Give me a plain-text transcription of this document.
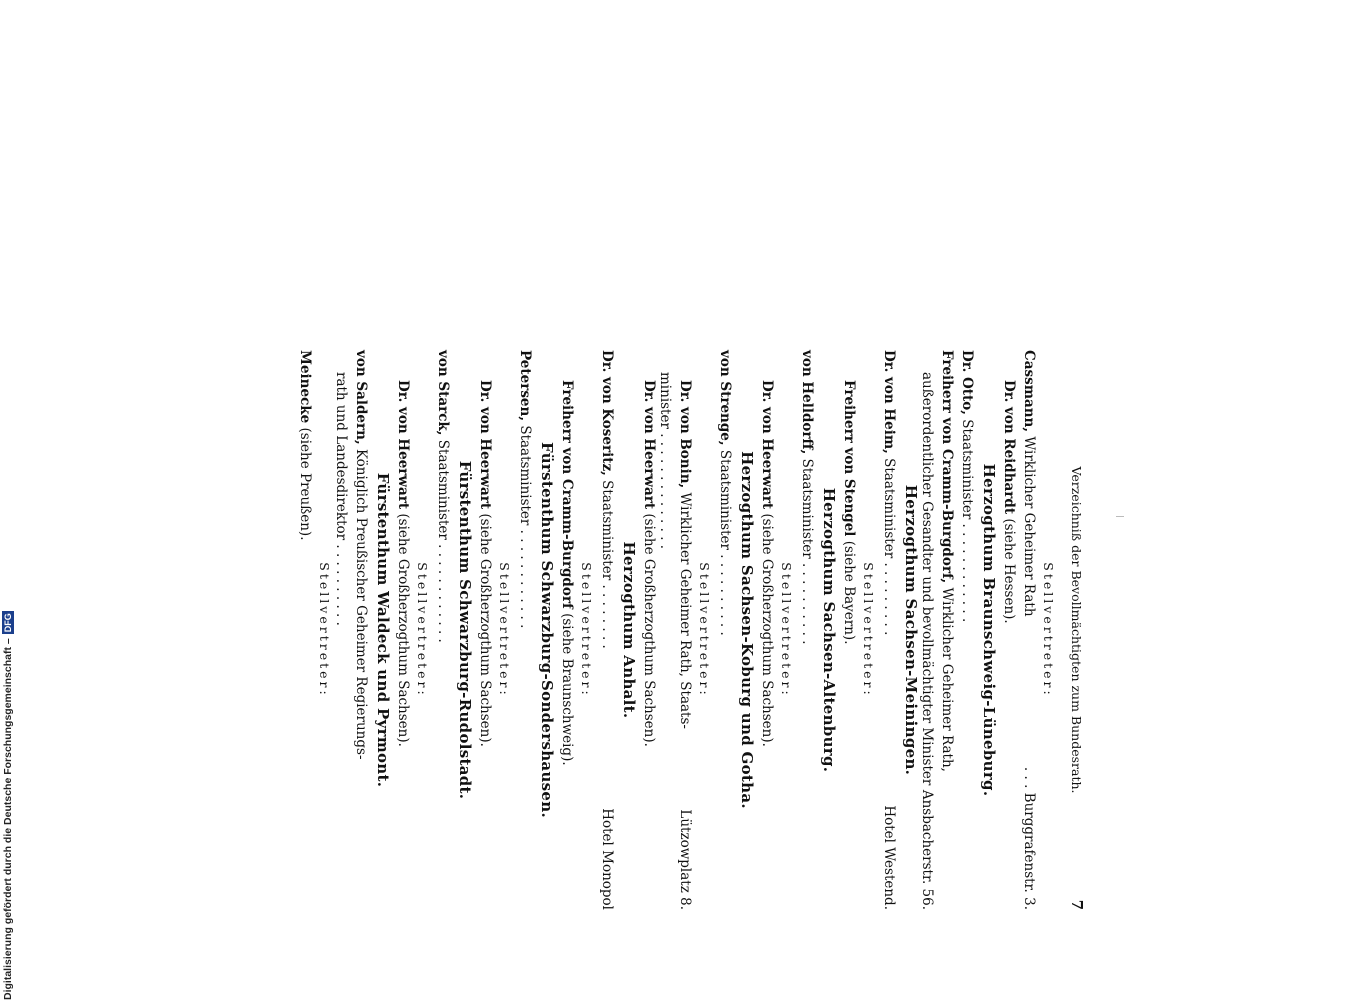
Digitalisierung gefördert durch die Deutsche Forschungsgemeinschaft –
DFG	Verzeichniß der Bevollmächtigten zum Bundesrath.
7
Stellvertreter:
Cassmann, Wirklicher Geheimer Rath
. . . Burggrafenstr. 3.
Dr. von Reidhardt (siehe Hessen).
Herzogthum Braunschweig-Lüneburg.
Dr. Otto, Staatsminister . . . . . . . . . . . .
Freiherr von Cramm-Burgdorf, Wirklicher Geheimer Rath,
außerordentlicher Gesandter und bevollmächtigter Minister
Ansbacherstr. 56.
Herzogthum Sachsen-Meiningen.
Dr. von Heim, Staatsminister . . . . . . . . .
Hotel Westend.
Stellvertreter:
Freiherr von Stengel (siehe Bayern).
Herzogthum Sachsen-Altenburg.
von Helldorff, Staatsminister . . . . . . . . . .
Stellvertreter:
Dr. von Heerwart (siehe Großherzogthum Sachsen).
Herzogthum Sachsen-Koburg und Gotha.
von Strenge, Staatsminister . . . . . . . . . .
Stellvertreter:
Dr. von Bonin, Wirklicher Geheimer Rath, Staats-
Lützowplatz 8.
minister . . . . . . . . . . . . . .
Dr. von Heerwart (siehe Großherzogthum Sachsen).
Herzogthum Anhalt.
Dr. von Koseritz, Staatsminister . . . . . . . .
Hotel Monopol
Stellvertreter:
Freiherr von Cramm-Burgdorf (siehe Braunschweig).
Fürstenthum Schwarzburg-Sondershausen.
Petersen, Staatsminister . . . . . . . . . . . .
Stellvertreter:
Dr. von Heerwart (siehe Großherzogthum Sachsen).
Fürstenthum Schwarzburg-Rudolstadt.
von Starck, Staatsminister . . . . . . . . . . . .
Stellvertreter:
Dr. von Heerwart (siehe Großherzogthum Sachsen).
Fürstenthum Waldeck und Pyrmont.
von Saldern, Königlich Preußischer Geheimer Regierungs-
rath und Landesdirektor . . . . . . . . . .
Stellvertreter:
Meinecke (siehe Preußen).
